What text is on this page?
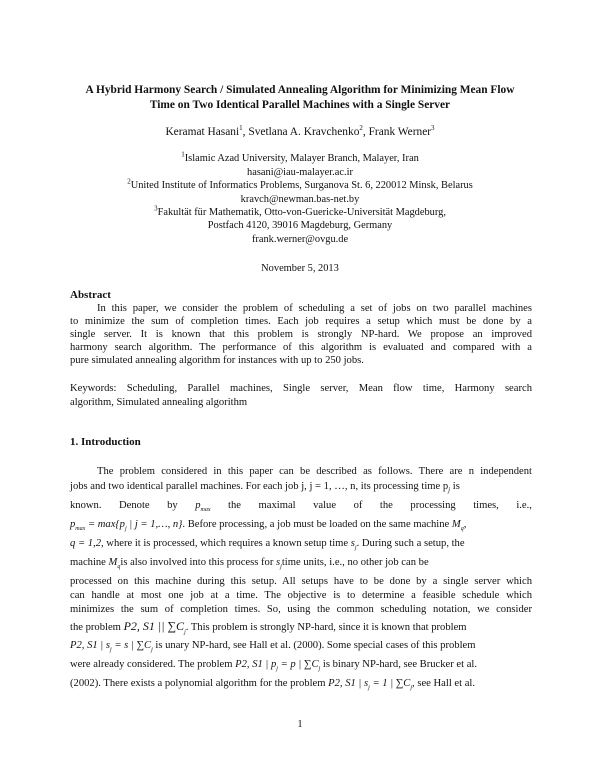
A Hybrid Harmony Search / Simulated Annealing Algorithm for Minimizing Mean Flow
Time on Two Identical Parallel Machines with a Single Server
Keramat Hasani$^1$, Svetlana A. Kravchenko$^2$, Frank Werner$^3$
$^1$Islamic Azad University, Malayer Branch, Malayer, Iran
hasani@iau-malayer.ac.ir
$^2$United Institute of Informatics Problems, Surganova St. 6, 220012 Minsk, Belarus
kravch@newman.bas-net.by
$^3$Fakultät für Mathematik, Otto-von-Guericke-Universität Magdeburg,
Postfach 4120, 39016 Magdeburg, Germany
frank.werner@ovgu.de
November 5, 2013
Abstract
In this paper, we consider the problem of scheduling a set of jobs on two parallel machines
to minimize the sum of completion times. Each job requires a setup which must be done by a
single server. It is known that this problem is strongly NP-hard. We propose an improved
harmony search algorithm. The performance of this algorithm is evaluated and compared with a
pure simulated annealing algorithm for instances with up to 250 jobs.
Keywords: Scheduling, Parallel machines, Single server, Mean flow time, Harmony search
algorithm, Simulated annealing algorithm
1. Introduction
The problem considered in this paper can be described as follows. There are n independent
jobs and two identical parallel machines. For each job j, j = 1, …, n, its processing time $p_j$ is
known. Denote by $p_{max}$ the maximal value of the processing times, i.e.,
$p_{max} = \max\{p_j$ | j = 1,…, n}. Before processing, a job must be loaded on the same machine $M_q$,
q = 1,2, where it is processed, which requires a known setup time $s_j$. During such a setup, the
machine $M_qis$ also involved into this process for $s_jtime$ units, i.e., no other job can be
processed on this machine during this setup. All setups have to be done by a single server which
can handle at most one job at a time. The objective is to determine a feasible schedule which
minimizes the sum of completion times. So, using the common scheduling notation, we consider
the problem P2, S1 || $\sum C_j$. This problem is strongly NP-hard, since it is known that problem
P2, S1 | $s_j = s$ | $\sum C_j$ is unary NP-hard, see Hall et al. (2000). Some special cases of this problem
were already considered. The problem P2, S1 | $p_j = p$ | $\sum C_j$ is binary NP-hard, see Brucker et al.
(2002). There exists a polynomial algorithm for the problem P2, S1 | $s_j = 1$ | $\sum C_j$, see Hall et al.
1
